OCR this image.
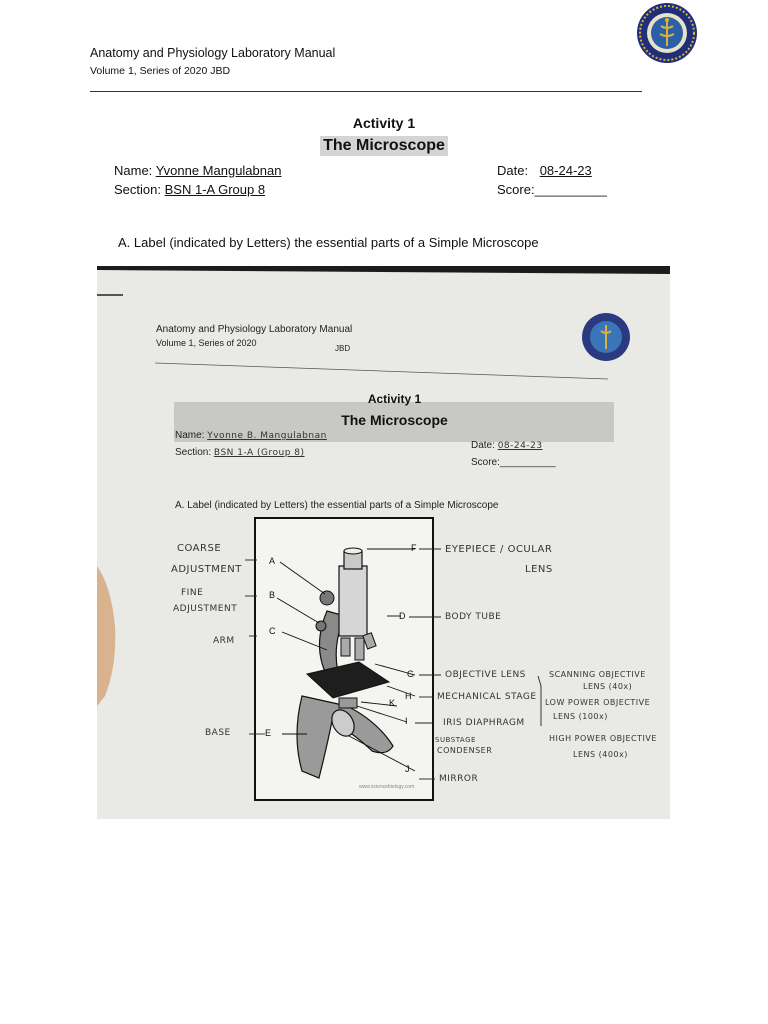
Anatomy and Physiology Laboratory Manual
Volume 1, Series of 2020 JBD
Activity 1
The Microscope
Name: Yvonne Mangulabnan
Section: BSN 1-A Group 8
Date: 08-24-23
Score:__________
A. Label (indicated by Letters) the essential parts of a Simple Microscope
Anatomy and Physiology Laboratory Manual
Volume 1, Series of 2020
JBD
Activity 1
The Microscope
Name: Yvonne B. Mangulabnan
Section: BSN 1-A (Group 8)
Date: 08-24-23
Score:__________
A. Label (indicated by Letters) the essential parts of a Simple Microscope
A
B
C
D
E
F
G
H
I
J
K
COARSE
ADJUSTMENT
FINE
ADJUSTMENT
ARM
BASE
EYEPIECE / OCULAR
LENS
BODY TUBE
OBJECTIVE LENS
MECHANICAL STAGE
IRIS DIAPHRAGM
SUBSTAGE
CONDENSER
MIRROR
SCANNING OBJECTIVE
LENS (40x)
LOW POWER OBJECTIVE
LENS (100x)
HIGH POWER OBJECTIVE
LENS (400x)
www.sciencebiology.com
